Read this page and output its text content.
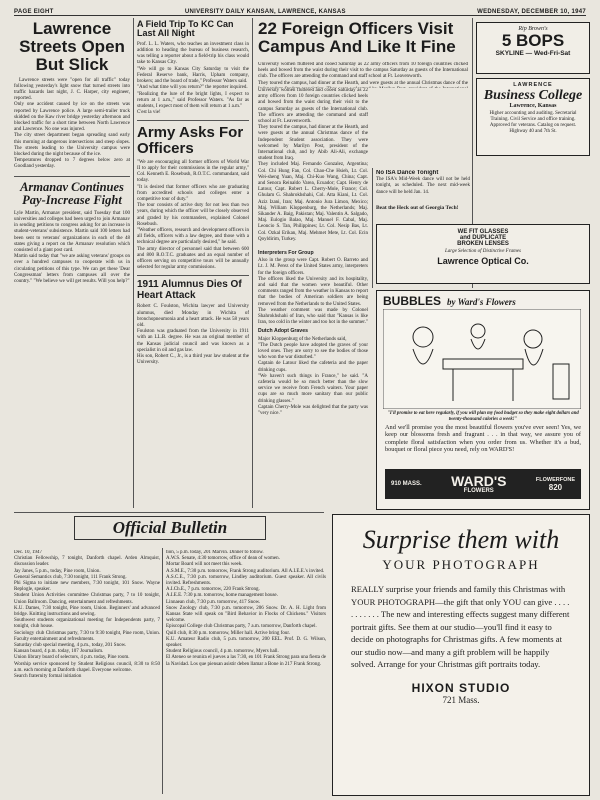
PAGE EIGHT	UNIVERSITY DAILY KANSAN, LAWRENCE, KANSAS	WEDNESDAY, DECEMBER 10, 1947
Lawrence Streets Open But Slick
Lawrence streets were "open for all traffic" today following yesterday's light snow that turned streets into traffic hazards last night, J. C. Harper, city engineer, reported.
Only one accident caused by ice on the streets was reported by Lawrence police. A large semi-trailer truck skidded on the Kaw river bridge yesterday afternoon and blocked traffic for a short time between North Lawrence and Lawrence. No one was injured.
The city street department began spreading sand early this morning at dangerous intersections and steep slopes. The streets leading to the University campus were blocked during the night because of the ice.
Temperatures dropped to 7 degrees below zero at Goodland yesterday.
Armanav Continues Pay-Increase Fight
Lyle Martin, Armanav president, said Tuesday that 100 universities and colleges had been urged to join Armanav in sending petitions to congress asking for an increase in student-veterans' subsistence. Martin said 100 letters had been sent to veterans' organizations in each of the 48 states giving a report on the Armanav resolution which consisted of a giant post card.
Martin said today that "we are asking veterans' groups on over a hundred campuses to cooperate with us in circulating petitions of this type. We can get these 'Dear Congressman' letters from campuses all over the country." "We believe we will get results. Will you help?"
A Field Trip To KC Can Last All Night
Prof. L. L. Waters, who teaches an investment class in addition to heading the bureau of business research, was telling a reporter about a field-trip his class would take to Kansas City.
"We will go to Kansas City Saturday to visit the Federal Reserve bank, Harris, Upham company, brokers; and the board of trade," Professor Waters said.
"And what time will you return?" the reporter inquired.
"Realizing the lure of the bright lights, I expect to return at 1 a.m.," said Professor Waters. "As far as students, I expect most of them will return at 1 a.m."
C'est la vie!
Army Asks For Officers
"We are encouraging all former officers of World War II to apply for their commissions in the regular army," Col. Kenneth E. Rosebush, R.O.T.C. commandant, said today.
"It is desired that former officers who are graduating from accredited schools and colleges enter a competitive tour of duty."
The tour consists of active duty for not less than two years, during which the officer will be closely observed and graded by his commanders, explained Colonel Rosebush.
"Weather officers, research and development officers in all fields, officers with a law degree, and those with a technical degree are particularly desired," he said.
The army director of personnel said that between 600 and 800 R.O.T.C. graduates and an equal number of officers serving on competitive tours will be annually selected for regular army commissions.
1911 Alumnus Dies Of Heart Attack
Robert C. Foulston, Wichita lawyer and University alumnus, died Monday in Wichita of bronchopneumonia and a heart attack. He was 58 years old.
Foulston was graduated from the University in 1911 with an LL.B. degree. He was an original member of the Kansas judicial council and was known as a specialist in oil and gas law.
His son, Robert C., Jr., is a third year law student at the University.
22 Foreign Officers Visit Campus And Like It Fine
University women fluttered and cooed Saturday as 22 army officers from 10 foreign countries clicked heels and bowed from the waist during their visit to the campus Saturday as guests of the International club. The officers are attending the command and staff school at Ft. Leavenworth.
They toured the campus, had dinner at the Hearth, and were guests at the annual Christmas dance of the

University women fluttered and cooed Saturday as 22 army officers from 10 foreign countries clicked heels and bowed from the waist during their visit to the campus Saturday as guests of the International club. The officers are attending the command and staff school at Ft. Leavenworth.
They toured the campus, had dinner at the Hearth, and were guests at the annual Christmas dance of the Independent Student association. They were welcomed by Marilyn Post, president of the International club, and by Abib Ali-Ali, exchange student from Iraq.
They included Maj. Fernando Gonzalez, Argentina; Col. Chi Hung Fan, Col. Chao-Che Hsieh, Lt. Col. Wei-sheng Yuan, Maj. Chi-Kuo Wang, China; Capt. and Senora Reinaldo Varea, Ecuador; Capt. Henry de Latour, Capt. Robert L. Cherry-Mole, France; Col. Ghulam G. Shahrokhshahi, Col. Atta Kiani, Lt. Col. Aziz Izani, Iran; Maj. Antonio Jura Limon, Mexico; Maj. William Kloppenburg, the Netherlands; Maj. Sikander A. Baig, Pakistan; Maj. Valentin A. Salgado, Maj. Eulogio Balao, Maj. Manuel F. Cabal, Maj. Leoncio S. Tan, Philippines; Lt. Col. Nesip Bas, Lt. Col. Ozkal Erikan, Maj. Mehmet Mete, Lt. Col. Ecin Qoyldirim, Turkey.
Interpreters For Group
Also in the group were Capt. Robert O. Barreto and Lt. J. M. Perez of the United States army, interpreters for the foreign officers.
The officers liked the University and its hospitality, and said that the women were beautiful. Other comments ranged from the weather in Kansas to report that the bodies of American soldiers are being removed from the Netherlands to the United States.
The weather comment was made by Colonel Shahrokhshahi of Iran, who said that "Kansas is like Iran, too cold in the winter and too hot in the summer."
Dutch Adopt Graves
Major Kloppenburg of the Netherlands said,
"The Dutch people have adopted the graves of your loved ones. They are sorry to see the bodies of those who won the war disturbed."
Captain de Latour liked the cafeteria and the paper drinking cups.
"We haven't such things in France," he said. "A cafeteria would be so much better than the slow service we receive from French waiters. Your paper cups are so much more sanitary than our public drinking glasses."
Captain Cherry-Mole was delighted that the party was "very nice."
No ISA Dance Tonight
The ISA's Mid-Week dance will not be held tonight, as scheduled. The next mid-week dance will be held Jan. 14.
Beat the Heck out of Georgia Tech!
Rip Brown's
5 BOPS
SKYLINE — Wed-Fri-Sat
LAWRENCE
Business College
Lawrence, Kansas
Higher accounting and auditing. Secretarial Training. Civil Service and office training. Approved for veterans. Catalog on request. Highway 40 and 7th St.
WE FIT GLASSES
and DUPLICATE
BROKEN LENSES
Large Selection of Distinctive Frames
Lawrence Optical Co.
BUBBLES by Ward's Flowers
"I'll promise to eat here regularly, if you will plan my food budget so they make eight dollars and twenty-thousand calories a week!"
And we'll promise you the most beautiful flowers you've ever seen! Yes, we keep our blossoms fresh and fragrant . . . in that way, we assure you of complete floral satisfaction when you order from us. Whether it's a bud, bouquet or floral piece you need, rely on WARD'S!
910 MASS. WARD'S
FLOWERS
FLOWERFONE
820
Official Bulletin
Dec. 10, 1947
Christian Fellowship, 7 tonight, Danforth chapel. Arden Almquist, discussion leader.
Jay Janes, 5 p.m., today, Pine room, Union.
General Semantics club, 7:30 tonight, 111 Frank Strong.
Phi Sigma to initiate new members, 7:30 tonight, 101 Snow. Wayne Replogle, speaker.
Student Union Activities committee Christmas party, 7 to 10 tonight, Union Ballroom. Dancing, entertainment and refreshments.
K.U. Dames, 7:30 tonight, Pine room, Union. Beginners' and advanced bridge. Knitting instructions and sewing.
Southwest students organizational meeting for Independents party, 7 tonight, club house.
Sociology club Christmas party, 7:30 to 9:30 tonight, Pine room, Union. Faculty entertainment and refreshments.
Saturday club special meeting, 4 p.m., today, 201 Snow.
Kansan board, 4 p.m. today, 107 Journalism.
Union library board of selectors, 4 p.m. today, Pine room.
Worship service sponsored by Student Religious council, 8:30 to 8:50 a.m. each morning at Danforth chapel. Everyone welcome.
Search fraternity formal initiation
tion, 5 p.m. today, 201 Marvin. Dinner to follow.
A.W.S. Senate, 4:30 tomorrow, office of dean of women.
Mortar Board will not meet this week.
A.S.M.E., 7:30 p.m. tomorrow, Frank Strong auditorium. All A.I.E.E.'s invited.
A.S.C.E., 7:30 p.m. tomorrow, Lindley auditorium. Guest speaker. All civils invited. Refreshments.
A.I.Ch.E., 7 p.m. tomorrow, 220 Frank Strong.
A.I.E.E. 7:30 p.m. tomorrow, home management house.
Linnaean club, 7:30 p.m. tomorrow, 417 Snow.
Snow Zoology club, 7:30 p.m. tomorrow, 206 Snow. Dr. A. H. Light from Kansas State will speak on "Bird Behavior in Flocks of Chickens." Visitors welcome.
Episcopal College club Christmas party, 7 a.m. tomorrow, Danforth chapel.
Quill club, 8:30 p.m. tomorrow, Miller hall. Active bring four.
K.U. Amateur Radio club, 5 p.m. tomorrow, 200 EEL. Prof. D. G. Wilson, speaker.
Student Religious council, 4 p.m. tomorrow, Myers hall.
El Ateneo se reunira el jueves a las 7:30, en 101 Frank Strong para una fiesta de la Navidad. Los que piensan asistir deben llamar a Bone in 217 Frank Strong.
Surprise them with
YOUR PHOTOGRAPH
REALLY surprise your friends and family this Christmas with YOUR PHOTOGRAPH—the gift that only YOU can give . . . . . . . . . . . The new and interesting effects suggest many different portrait gifts. See them at our studio—you'll find it easy to decide on photographs for Christmas gifts. A few moments at our studio now—and many a gift problem will be happily solved. Arrange for your Christmas gift portraits today.
HIXON STUDIO
721 Mass.
